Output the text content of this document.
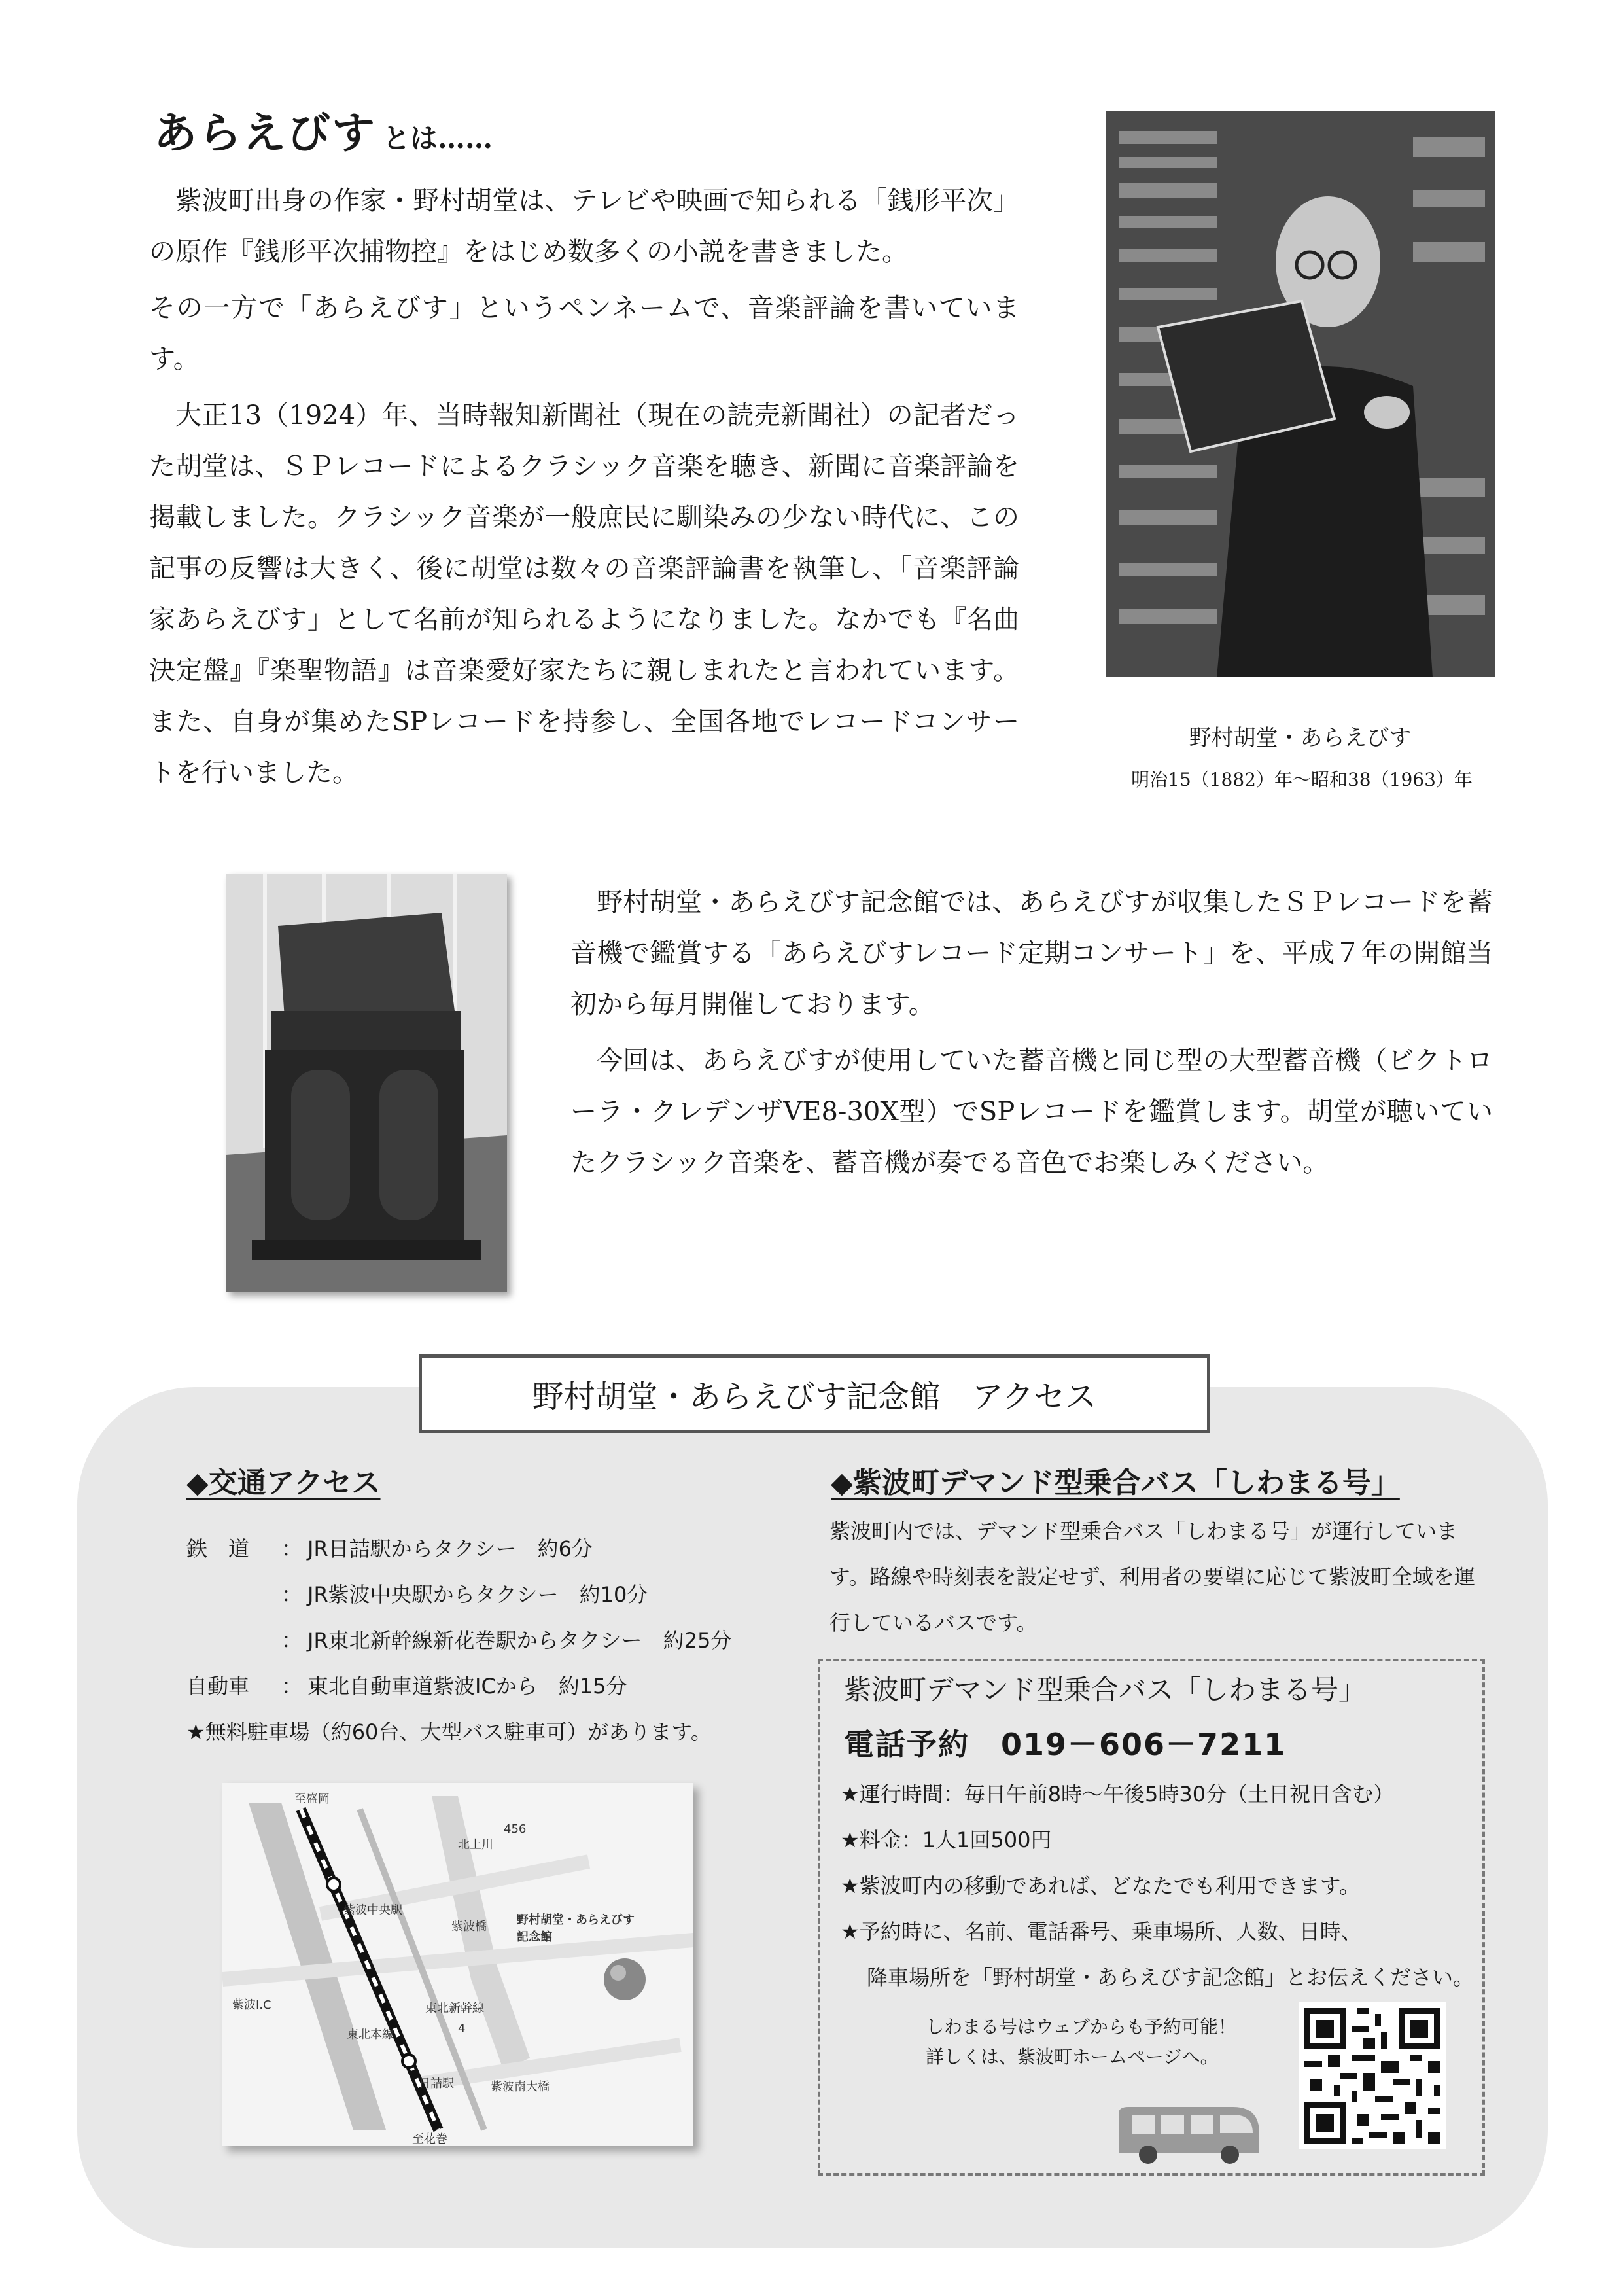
あらえびす とは……

紫波町出身の作家・野村胡堂は、テレビや映画で知られる「銭形平次」の原作『銭形平次捕物控』をはじめ数多くの小説を書きました。

その一方で「あらえびす」というペンネームで、音楽評論を書いています。

大正13（1924）年、当時報知新聞社（現在の読売新聞社）の記者だった胡堂は、ＳＰレコードによるクラシック音楽を聴き、新聞に音楽評論を掲載しました。クラシック音楽が一般庶民に馴染みの少ない時代に、この記事の反響は大きく、後に胡堂は数々の音楽評論書を執筆し、「音楽評論家あらえびす」として名前が知られるようになりました。なかでも『名曲決定盤』『楽聖物語』は音楽愛好家たちに親しまれたと言われています。また、自身が集めたSPレコードを持参し、全国各地でレコードコンサートを行いました。

野村胡堂・あらえびす
明治15（1882）年～昭和38（1963）年

野村胡堂・あらえびす記念館では、あらえびすが収集したＳＰレコードを蓄音機で鑑賞する「あらえびすレコード定期コンサート」を、平成７年の開館当初から毎月開催しております。

今回は、あらえびすが使用していた蓄音機と同じ型の大型蓄音機（ビクトローラ・クレデンザVE8-30X型）でSPレコードを鑑賞します。胡堂が聴いていたクラシック音楽を、蓄音機が奏でる音色でお楽しみください。

野村胡堂・あらえびす記念館　アクセス
◆交通アクセス	◆紫波町デマンド型乗合バス「しわまる号」
鉄　道	： JR日詰駅からタクシー　約6分
： JR紫波中央駅からタクシー　約10分
： JR東北新幹線新花巻駅からタクシー　約25分
自動車	： 東北自動車道紫波ICから　約15分
★無料駐車場（約60台、大型バス駐車可）があります。
至盛岡
至花巻
北上川
紫波I.C
紫波中央駅
日詰駅
東北本線
東北新幹線
紫波橋
紫波南大橋
野村胡堂・あらえびす記念館
4
456
紫波町内では、デマンド型乗合バス「しわまる号」が運行しています。路線や時刻表を設定せず、利用者の要望に応じて紫波町全域を運行しているバスです。
紫波町デマンド型乗合バス「しわまる号」
電話予約 019－606－7211
★運行時間：毎日午前8時～午後5時30分（土日祝日含む）
★料金：1人1回500円
★紫波町内の移動であれば、どなたでも利用できます。
★予約時に、名前、電話番号、乗車場所、人数、日時、
降車場所を「野村胡堂・あらえびす記念館」とお伝えください。
しわまる号はウェブからも予約可能！
詳しくは、紫波町ホームページへ。
